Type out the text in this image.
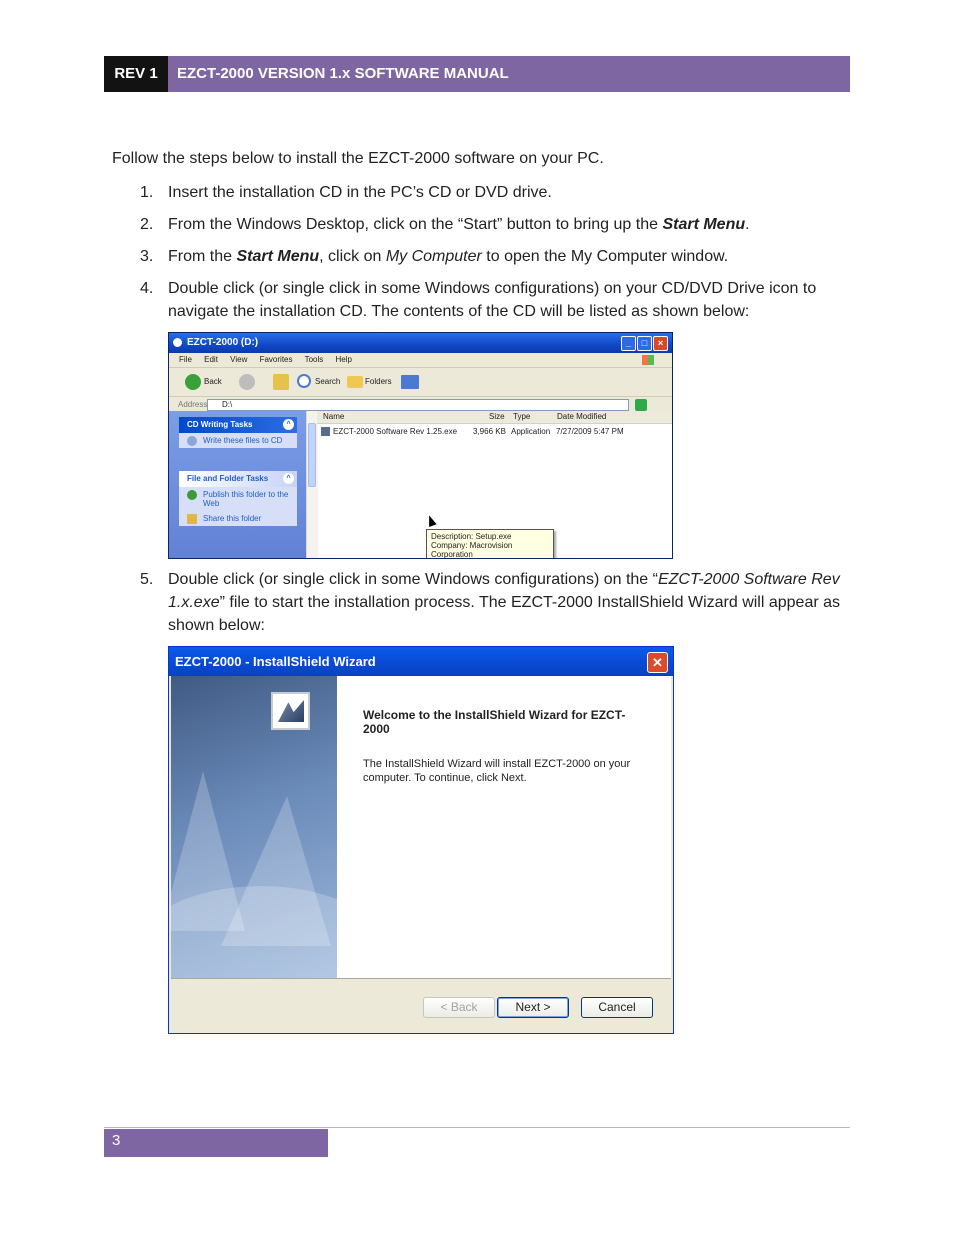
REV 1	EZCT-2000 VERSION 1.x SOFTWARE MANUAL
Follow the steps below to install the EZCT-2000 software on your PC.
1. Insert the installation CD in the PC’s CD or DVD drive.
2. From the Windows Desktop, click on the “Start” button to bring up the Start Menu.
3. From the Start Menu, click on My Computer to open the My Computer window.
4. Double click (or single click in some Windows configurations) on your CD/DVD Drive icon to navigate the installation CD. The contents of the CD will be listed as shown below:
EZCT-2000 (D:)	_	□	×
File Edit View Favorites Tools Help
Back	Search	Folders
Address	D:\
CD Writing Tasks	^
Write these files to CD
File and Folder Tasks	^
Publish this folder to the Web
Share this folder
Name	Size Type	Date Modified
EZCT-2000 Software Rev 1.25.exe 3,966 KB Application 7/27/2009 5:47 PM
Description: Setup.exe
Company: Macrovision Corporation
5. Double click (or single click in some Windows configurations) on the “EZCT-2000 Software Rev 1.x.exe” file to start the installation process. The EZCT-2000 InstallShield Wizard will appear as shown below:
EZCT-2000 - InstallShield Wizard	✕
Welcome to the InstallShield Wizard for EZCT-2000
The InstallShield Wizard will install EZCT-2000 on your computer. To continue, click Next.
< Back	Next >	Cancel
3
